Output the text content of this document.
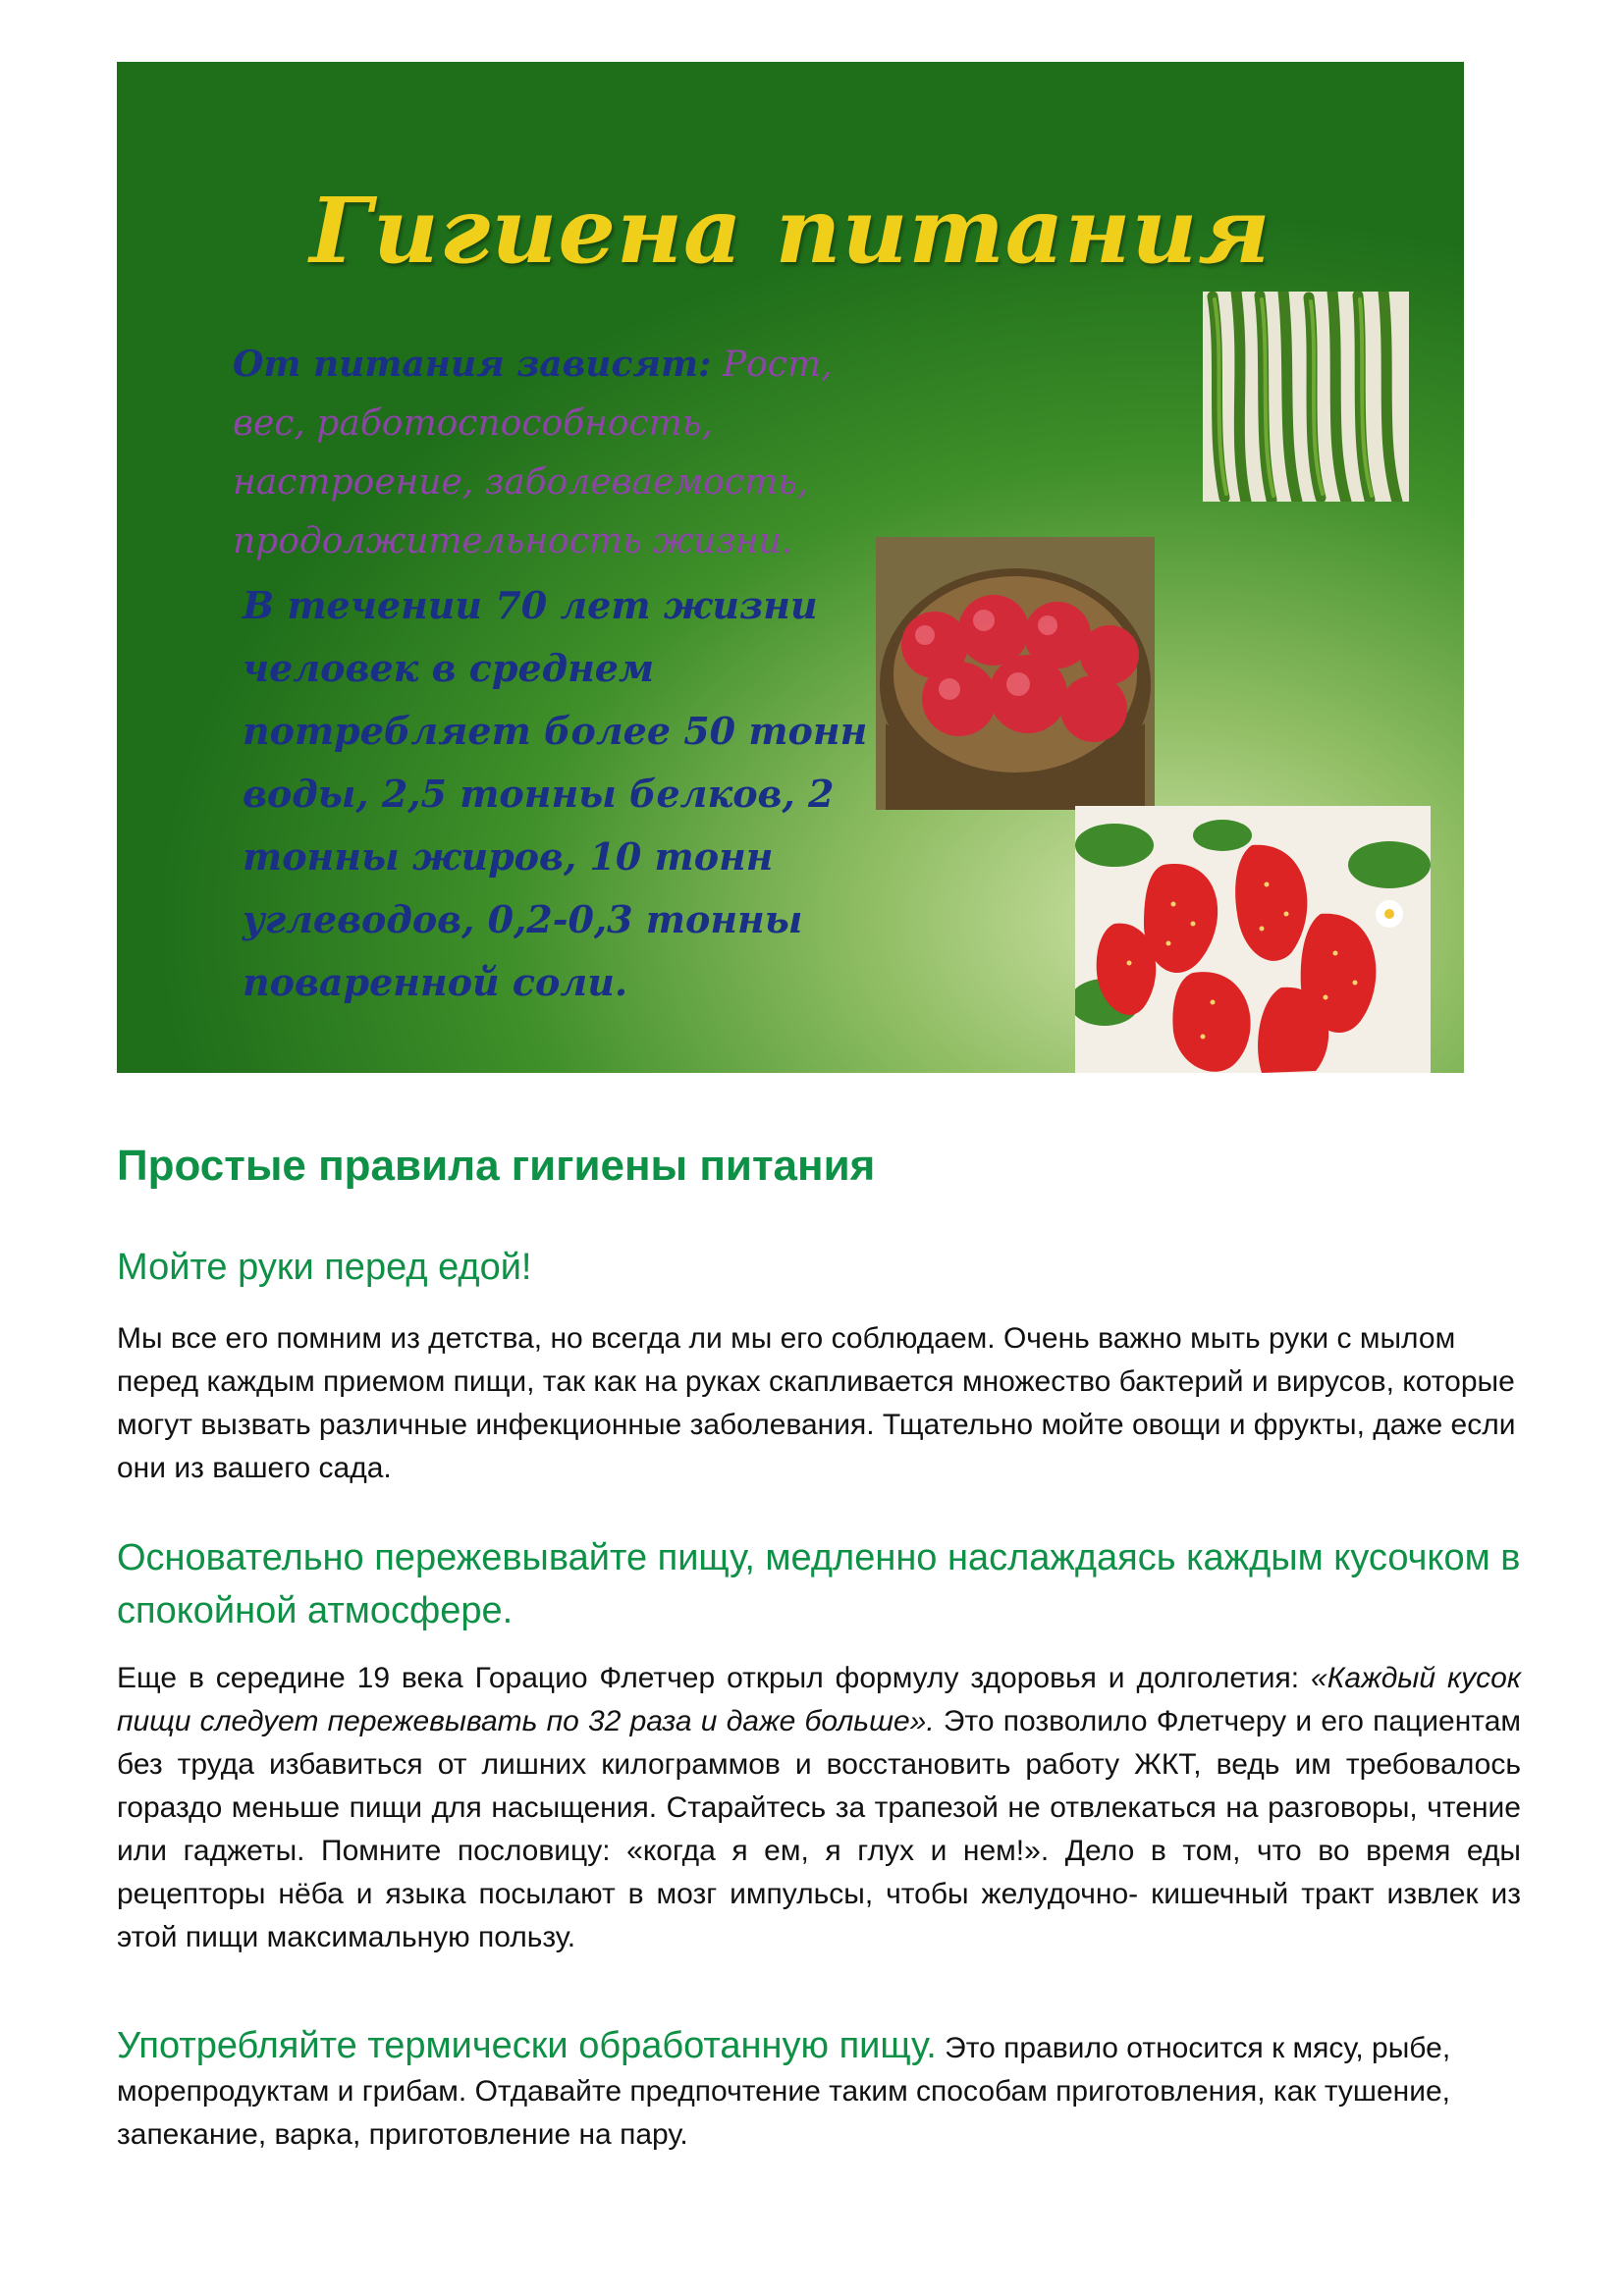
Гигиена питания
От питания зависят: Рост, вес, работоспособность, настроение, заболеваемость, продолжительность жизни.
В течении 70 лет жизни человек в среднем потребляет более 50 тонн воды, 2,5 тонны белков, 2 тонны жиров, 10 тонн углеводов, 0,2-0,3 тонны поваренной соли.
Простые правила гигиены питания
Мойте руки перед едой!

Мы все его помним из детства, но всегда ли мы его соблюдаем. Очень важно мыть руки с мылом перед каждым приемом пищи, так как на руках скапливается множество бактерий и вирусов, которые могут вызвать различные инфекционные заболевания. Тщательно мойте овощи и фрукты, даже если они из вашего сада.

Основательно пережевывайте пищу, медленно наслаждаясь каждым кусочком в спокойной атмосфере.

Еще в середине 19 века Горацио Флетчер открыл формулу здоровья и долголетия: «Каждый кусок пищи следует пережевывать по 32 раза и даже больше». Это позволило Флетчеру и его пациентам без труда избавиться от лишних килограммов и восстановить работу ЖКТ, ведь им требовалось гораздо меньше пищи для насыщения. Старайтесь за трапезой не отвлекаться на разговоры, чтение или гаджеты. Помните пословицу: «когда я ем, я глух и нем!». Дело в том, что во время еды рецепторы нёба и языка посылают в мозг импульсы, чтобы желудочно- кишечный тракт извлек из этой пищи максимальную пользу.

Употребляйте термически обработанную пищу. Это правило относится к мясу, рыбе, морепродуктам и грибам. Отдавайте предпочтение таким способам приготовления, как тушение, запекание, варка, приготовление на пару.
